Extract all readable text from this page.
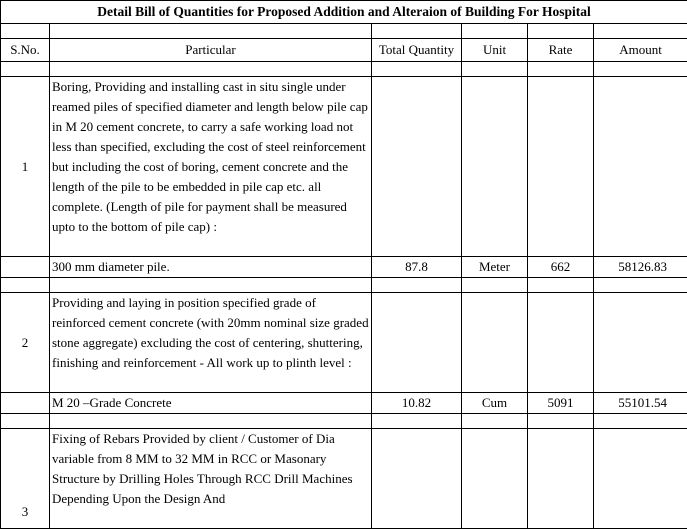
Detail Bill of Quantities for Proposed Addition and Alteraion of Building For Hospital					

S.No.	Particular	Total Quantity	Unit	Rate	Amount

1	Boring, Providing and installing cast in situ single under reamed piles of specified diameter and length below pile cap in M 20 cement concrete, to carry a safe working load not less than specified, excluding the cost of steel reinforcement but including the cost of boring, cement concrete and the length of the pile to be embedded in pile cap etc. all complete. (Length of pile for payment shall be measured upto to the bottom of pile cap) :				
	300 mm diameter pile.	87.8	Meter	662	58126.83

2	Providing and laying in position specified grade of reinforced cement concrete (with 20mm nominal size graded stone aggregate) excluding the cost of centering, shuttering, finishing and reinforcement - All work up to plinth level :				
	M 20 –Grade Concrete	10.82	Cum	5091	55101.54

3	Fixing of Rebars Provided by client / Customer of Dia variable from 8 MM to 32 MM in RCC or Masonary Structure by Drilling Holes Through RCC Drill Machines Depending Upon the Design And				
